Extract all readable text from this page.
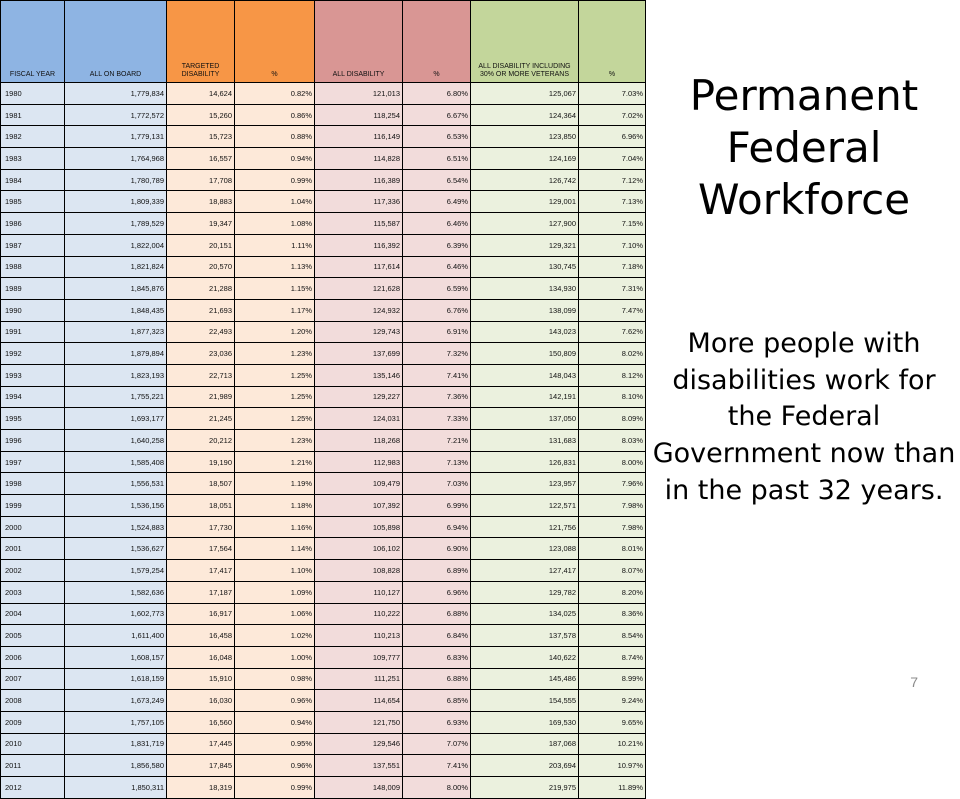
FISCAL YEAR	ALL ON BOARD	TARGETED DISABILITY	%	ALL DISABILITY	%	ALL DISABILITY INCLUDING 30% OR MORE VETERANS	%
1980	1,779,834	14,624	0.82%	121,013	6.80%	125,067	7.03%
1981	1,772,572	15,260	0.86%	118,254	6.67%	124,364	7.02%
1982	1,779,131	15,723	0.88%	116,149	6.53%	123,850	6.96%
1983	1,764,968	16,557	0.94%	114,828	6.51%	124,169	7.04%
1984	1,780,789	17,708	0.99%	116,389	6.54%	126,742	7.12%
1985	1,809,339	18,883	1.04%	117,336	6.49%	129,001	7.13%
1986	1,789,529	19,347	1.08%	115,587	6.46%	127,900	7.15%
1987	1,822,004	20,151	1.11%	116,392	6.39%	129,321	7.10%
1988	1,821,824	20,570	1.13%	117,614	6.46%	130,745	7.18%
1989	1,845,876	21,288	1.15%	121,628	6.59%	134,930	7.31%
1990	1,848,435	21,693	1.17%	124,932	6.76%	138,099	7.47%
1991	1,877,323	22,493	1.20%	129,743	6.91%	143,023	7.62%
1992	1,879,894	23,036	1.23%	137,699	7.32%	150,809	8.02%
1993	1,823,193	22,713	1.25%	135,146	7.41%	148,043	8.12%
1994	1,755,221	21,989	1.25%	129,227	7.36%	142,191	8.10%
1995	1,693,177	21,245	1.25%	124,031	7.33%	137,050	8.09%
1996	1,640,258	20,212	1.23%	118,268	7.21%	131,683	8.03%
1997	1,585,408	19,190	1.21%	112,983	7.13%	126,831	8.00%
1998	1,556,531	18,507	1.19%	109,479	7.03%	123,957	7.96%
1999	1,536,156	18,051	1.18%	107,392	6.99%	122,571	7.98%
2000	1,524,883	17,730	1.16%	105,898	6.94%	121,756	7.98%
2001	1,536,627	17,564	1.14%	106,102	6.90%	123,088	8.01%
2002	1,579,254	17,417	1.10%	108,828	6.89%	127,417	8.07%
2003	1,582,636	17,187	1.09%	110,127	6.96%	129,782	8.20%
2004	1,602,773	16,917	1.06%	110,222	6.88%	134,025	8.36%
2005	1,611,400	16,458	1.02%	110,213	6.84%	137,578	8.54%
2006	1,608,157	16,048	1.00%	109,777	6.83%	140,622	8.74%
2007	1,618,159	15,910	0.98%	111,251	6.88%	145,486	8.99%
2008	1,673,249	16,030	0.96%	114,654	6.85%	154,555	9.24%
2009	1,757,105	16,560	0.94%	121,750	6.93%	169,530	9.65%
2010	1,831,719	17,445	0.95%	129,546	7.07%	187,068	10.21%
2011	1,856,580	17,845	0.96%	137,551	7.41%	203,694	10.97%
2012	1,850,311	18,319	0.99%	148,009	8.00%	219,975	11.89%
Permanent Federal Workforce
More people with disabilities work for the Federal Government now than in the past 32 years.
7
